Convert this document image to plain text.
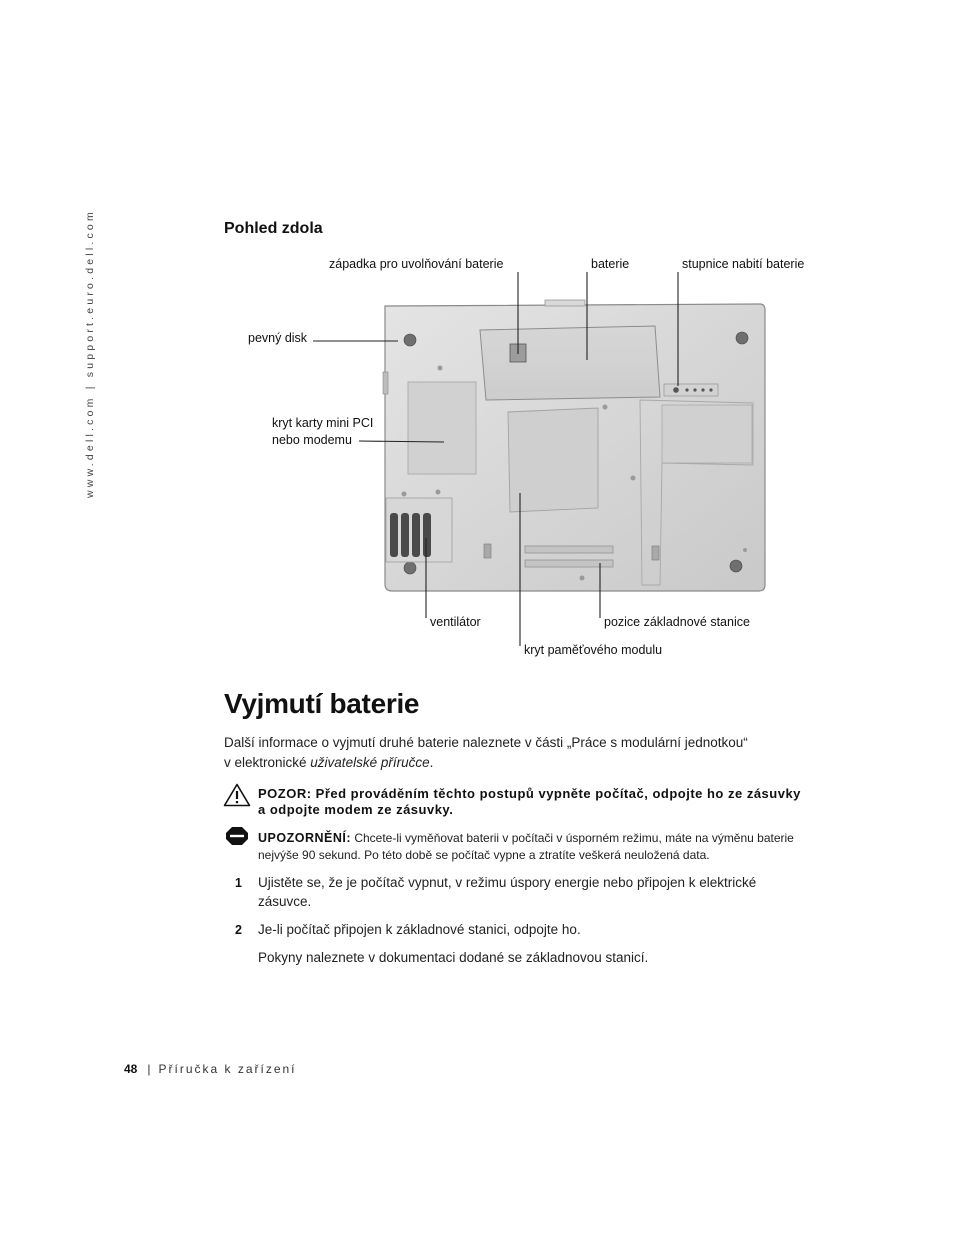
www.dell.com | support.euro.dell.com	Pohled zdola
západka pro uvolňování baterie	baterie	stupnice nabití baterie
pevný disk
kryt karty mini PCI
nebo modemu
ventilátor	pozice základnové stanice
kryt paměťového modulu
Vyjmutí baterie
Další informace o vyjmutí druhé baterie naleznete v části „Práce s modulární jednotkou“
v elektronické uživatelské příručce.
POZOR: Před prováděním těchto postupů vypněte počítač, odpojte ho ze zásuvky a odpojte modem ze zásuvky.
UPOZORNĚNÍ: Chcete-li vyměňovat baterii v počítači v úsporném režimu, máte na výměnu baterie nejvýše 90 sekund. Po této době se počítač vypne a ztratíte veškerá neuložená data.
1 Ujistěte se, že je počítač vypnut, v režimu úspory energie nebo připojen k elektrické zásuvce.
2 Je-li počítač připojen k základnové stanici, odpojte ho.
Pokyny naleznete v dokumentaci dodané se základnovou stanicí.
48 | Příručka k zařízení
